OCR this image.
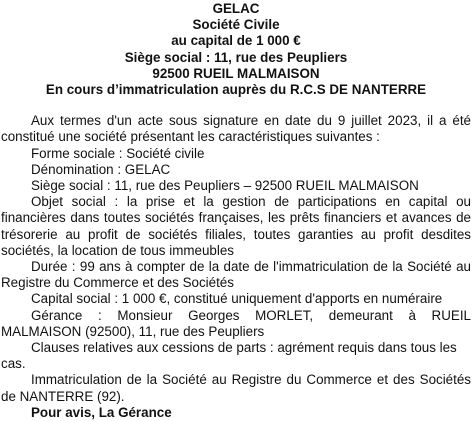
GELAC
Société Civile
au capital de 1 000 €
Siège social : 11, rue des Peupliers
92500 RUEIL MALMAISON
En cours d’immatriculation auprès du R.C.S DE NANTERRE
Aux termes d'un acte sous signature en date du 9 juillet 2023, il a été constitué une société présentant les caractéristiques suivantes :
Forme sociale : Société civile
Dénomination : GELAC
Siège social : 11, rue des Peupliers – 92500 RUEIL MALMAISON
Objet social : la prise et la gestion de participations en capital ou financières dans toutes sociétés françaises, les prêts financiers et avances de trésorerie au profit de sociétés filiales, toutes garanties au profit desdites sociétés, la location de tous immeubles
Durée : 99 ans à compter de la date de l'immatriculation de la Société au Registre du Commerce et des Sociétés
Capital social : 1 000 €, constitué uniquement d'apports en numéraire
Gérance : Monsieur Georges MORLET, demeurant à RUEIL MALMAISON (92500), 11, rue des Peupliers
Clauses relatives aux cessions de parts : agrément requis dans tous les cas.
Immatriculation de la Société au Registre du Commerce et des Sociétés de NANTERRE (92).
Pour avis, La Gérance
